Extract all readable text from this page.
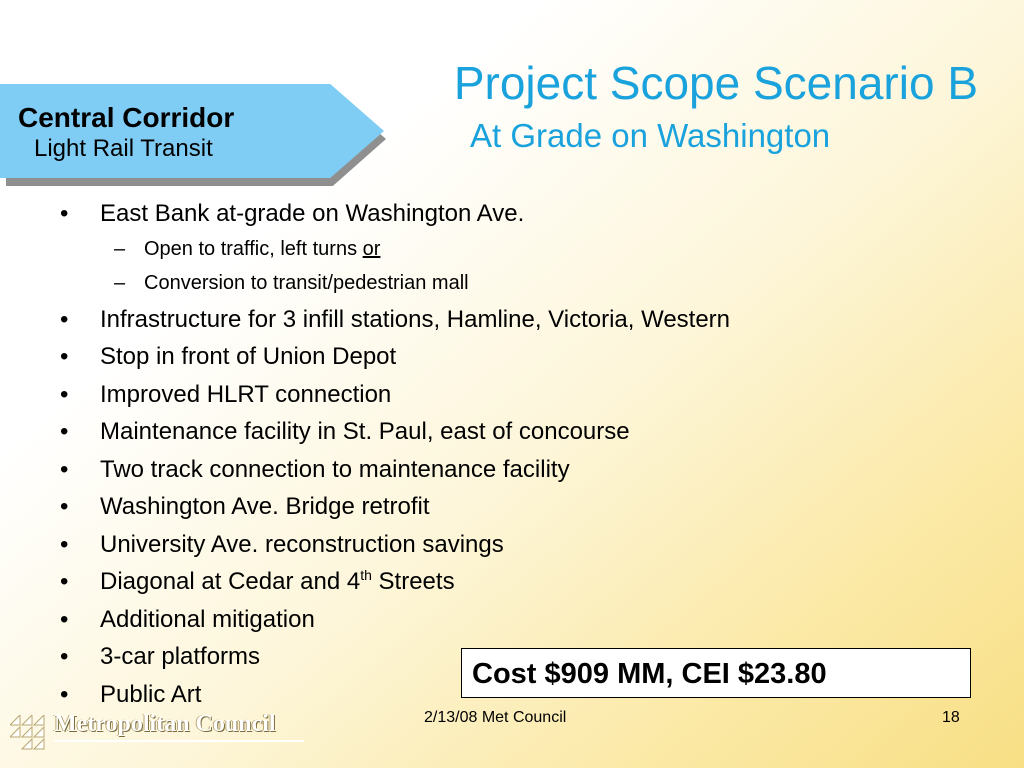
Central Corridor
Light Rail Transit
Project Scope Scenario B
At Grade on Washington
• East Bank at-grade on Washington Ave.
– Open to traffic, left turns or
– Conversion to transit/pedestrian mall
• Infrastructure for 3 infill stations, Hamline, Victoria, Western
• Stop in front of Union Depot
• Improved HLRT connection
• Maintenance facility in St. Paul, east of concourse
• Two track connection to maintenance facility
• Washington Ave. Bridge retrofit
• University Ave. reconstruction savings
• Diagonal at Cedar and 4th Streets
• Additional mitigation
• 3-car platforms
• Public Art
Cost $909 MM, CEI $23.80
Metropolitan Council	2/13/08 Met Council	18
